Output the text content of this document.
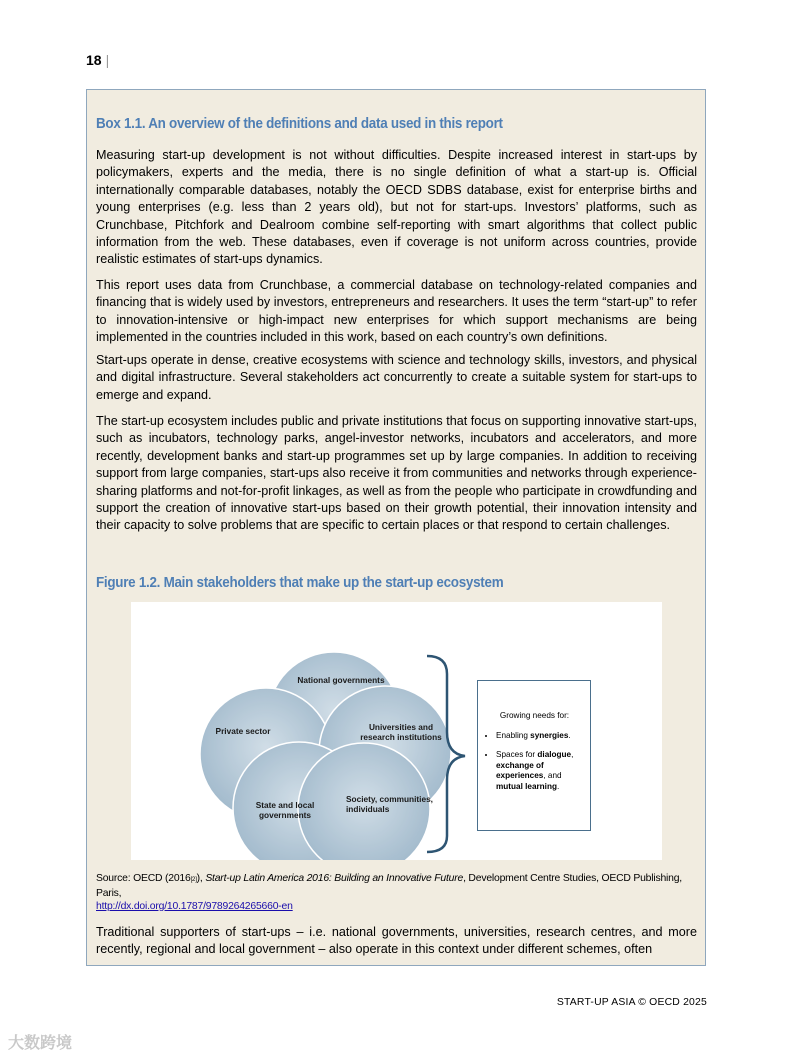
18 |
Box 1.1. An overview of the definitions and data used in this report
Measuring start-up development is not without difficulties. Despite increased interest in start-ups by policymakers, experts and the media, there is no single definition of what a start-up is. Official internationally comparable databases, notably the OECD SDBS database, exist for enterprise births and young enterprises (e.g. less than 2 years old), but not for start-ups. Investors’ platforms, such as Crunchbase, Pitchfork and Dealroom combine self-reporting with smart algorithms that collect public information from the web. These databases, even if coverage is not uniform across countries, provide realistic estimates of start-ups dynamics.
This report uses data from Crunchbase, a commercial database on technology-related companies and financing that is widely used by investors, entrepreneurs and researchers. It uses the term “start-up” to refer to innovation-intensive or high-impact new enterprises for which support mechanisms are being implemented in the countries included in this work, based on each country’s own definitions.
Start-ups operate in dense, creative ecosystems with science and technology skills, investors, and physical and digital infrastructure. Several stakeholders act concurrently to create a suitable system for start-ups to emerge and expand.
The start-up ecosystem includes public and private institutions that focus on supporting innovative start-ups, such as incubators, technology parks, angel-investor networks, incubators and accelerators, and more recently, development banks and start-up programmes set up by large companies. In addition to receiving support from large companies, start-ups also receive it from communities and networks through experience-sharing platforms and not-for-profit linkages, as well as from the people who participate in crowdfunding and support the creation of innovative start-ups based on their growth potential, their innovation intensity and their capacity to solve problems that are specific to certain places or that respond to certain challenges.
Figure 1.2. Main stakeholders that make up the start-up ecosystem
National governments
Private sector	Universities and research institutions
State and local governments
Society, communities, individuals
Growing needs for:
• Enabling synergies.
• Spaces for dialogue, exchange of experiences, and mutual learning.
Source: OECD (2016[2]), Start-up Latin America 2016: Building an Innovative Future, Development Centre Studies, OECD Publishing, Paris,
http://dx.doi.org/10.1787/9789264265660-en
Traditional supporters of start-ups – i.e. national governments, universities, research centres, and more recently, regional and local government – also operate in this context under different schemes, often
START-UP ASIA © OECD 2025
大数跨境
